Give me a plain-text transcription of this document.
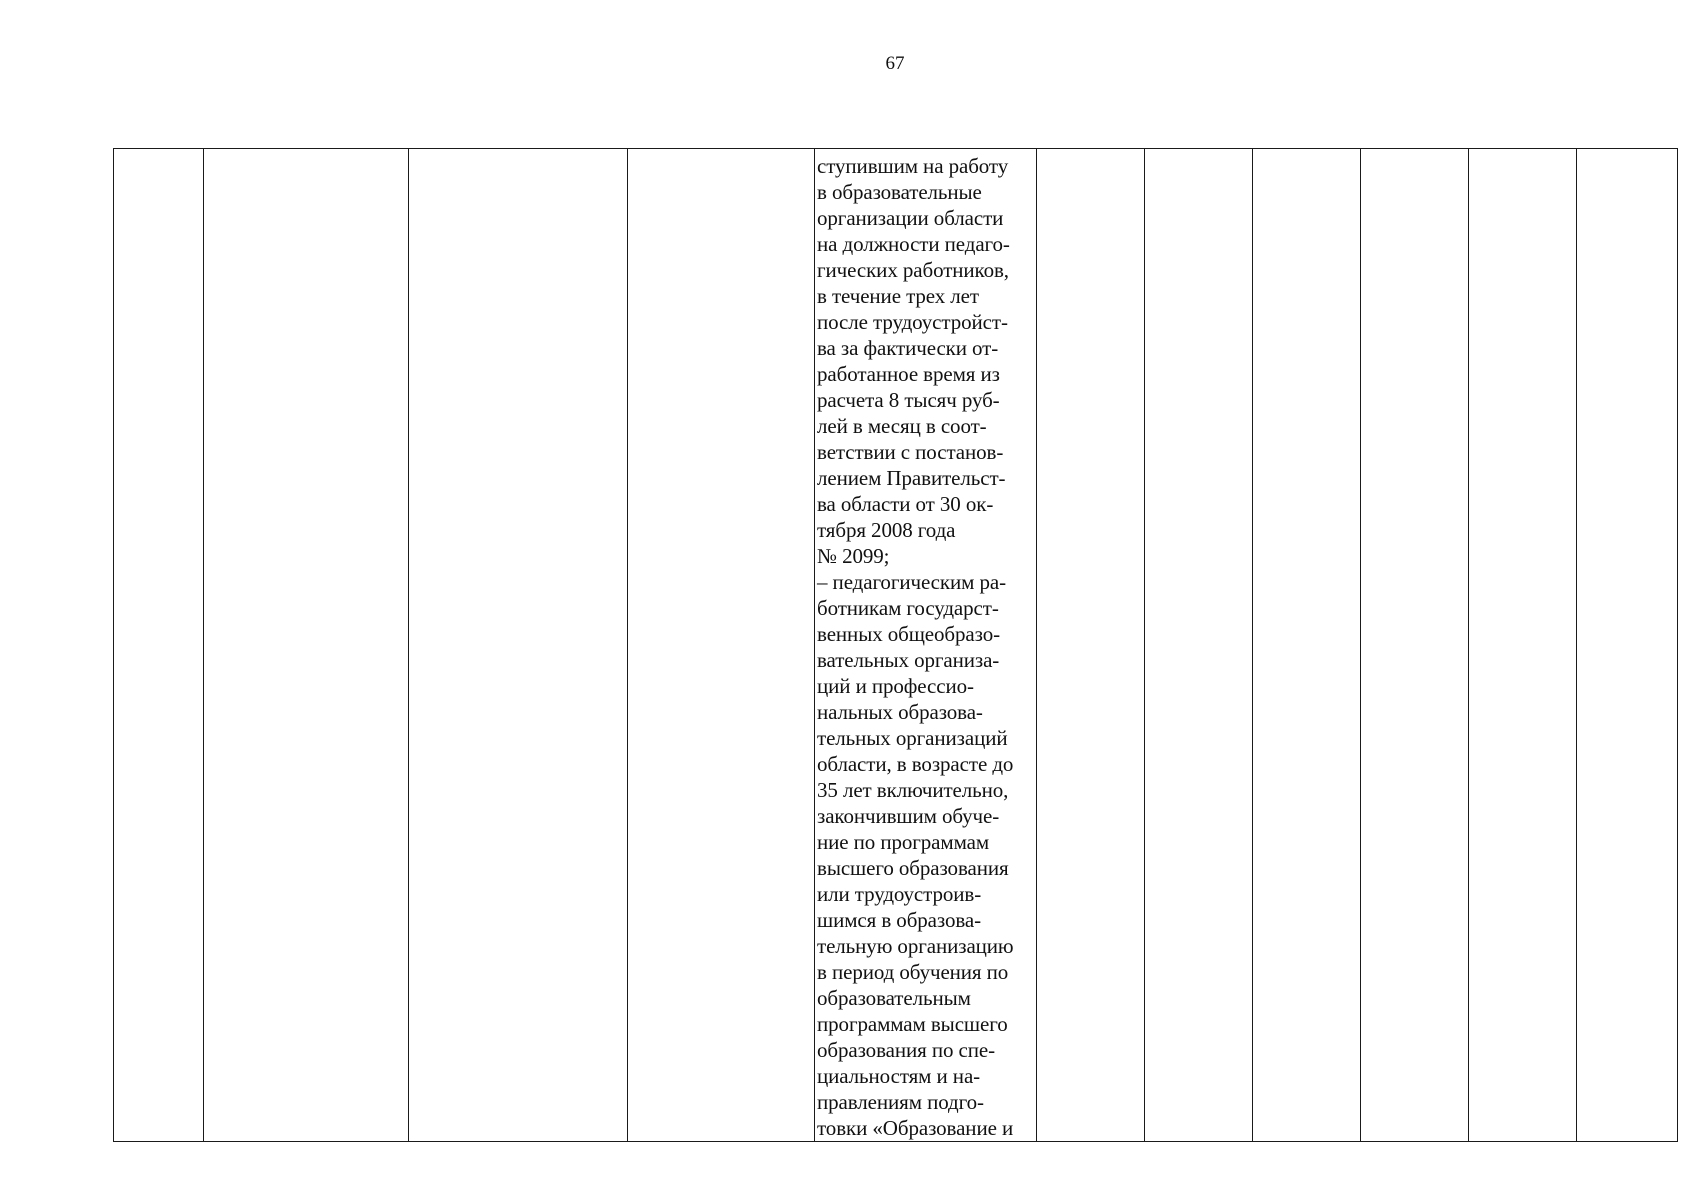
67

ступившим на работу
в образовательные
организации области
на должности педаго-
гических работников,
в течение трех лет
после трудоустройст-
ва за фактически от-
работанное время из
расчета 8 тысяч руб-
лей в месяц в соот-
ветствии с постанов-
лением Правительст-
ва области от 30 ок-
тября 2008 года
№ 2099;
– педагогическим ра-
ботникам государст-
венных общеобразо-
вательных организа-
ций и профессио-
нальных образова-
тельных организаций
области, в возрасте до
35 лет включительно,
закончившим обуче-
ние по программам
высшего образования
или трудоустроив-
шимся в образова-
тельную организацию
в период обучения по
образовательным
программам высшего
образования по спе-
циальностям и на-
правлениям подго-
товки «Образование и
